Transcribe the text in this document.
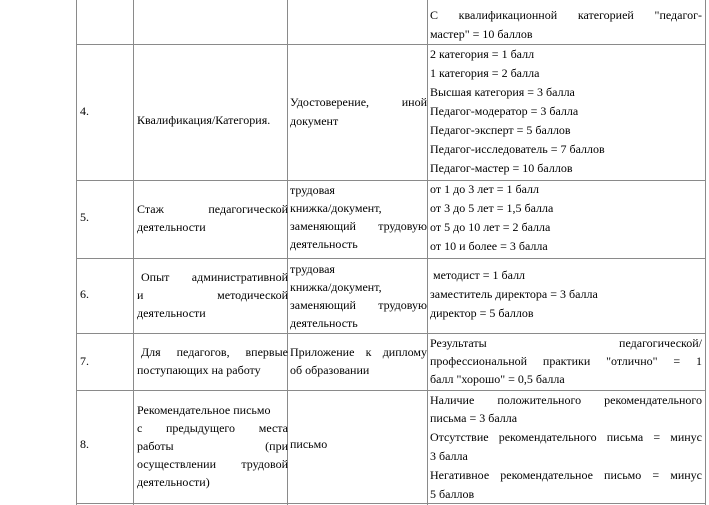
С квалификационной категорией "педагог-
мастер" = 10 баллов
4.
Квалификация/Категория.
Удостоверение, иной
документ
2 категория = 1 балл
1 категория = 2 балла
Высшая категория = 3 балла
Педагог-модератор = 3 балла
Педагог-эксперт = 5 баллов
Педагог-исследователь = 7 баллов
Педагог-мастер = 10 баллов
5.
Стаж педагогической
деятельности
трудовая
книжка/документ,
заменяющий трудовую
деятельность
от 1 до 3 лет = 1 балл
от 3 до 5 лет = 1,5 балла
от 5 до 10 лет = 2 балла
от 10 и более = 3 балла
6.
Опыт административной
и методической
деятельности
трудовая
книжка/документ,
заменяющий трудовую
деятельность
методист = 1 балл
заместитель директора = 3 балла
директор = 5 баллов
7.
Для педагогов, впервые
поступающих на работу
Приложение к диплому
об образовании
Результаты педагогической/
профессиональной практики "отлично" = 1
балл "хорошо" = 0,5 балла
8.
Рекомендательное письмо
с предыдущего места
работы (при
осуществлении трудовой
деятельности)
письмо
Наличие положительного рекомендательного
письма = 3 балла
Отсутствие рекомендательного письма = минус
3 балла
Негативное рекомендательное письмо = минус
5 баллов
